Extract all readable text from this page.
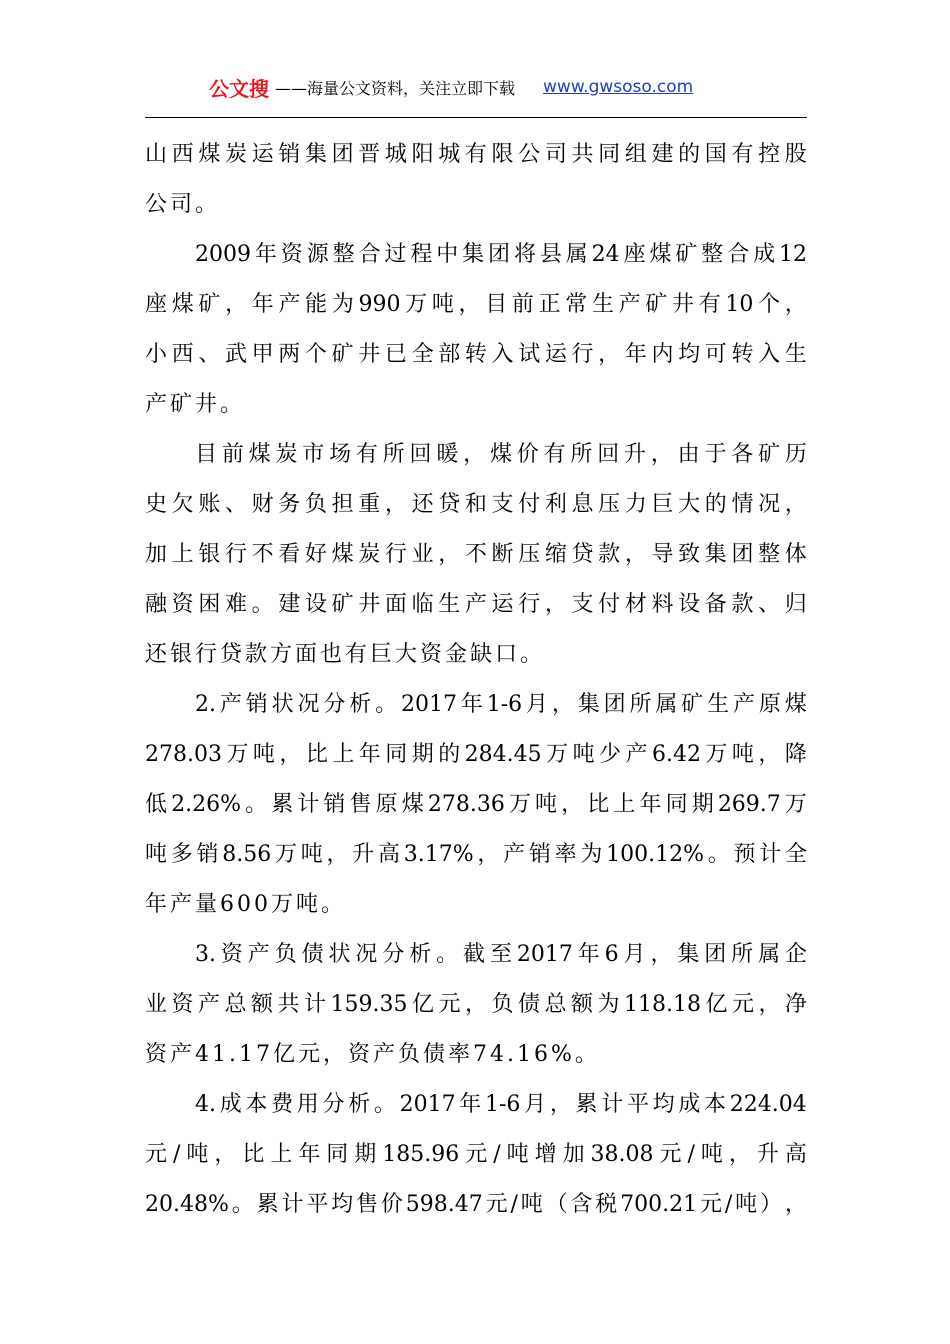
公文搜 ——海量公文资料，关注立即下载 www.gwsoso.com
山 西 煤 炭 运 销 集 团 晋 城 阳 城 有 限 公 司 共 同 组 建 的 国 有 控 股
公司。
2009 年 资 源 整 合 过 程 中 集 团 将 县 属 24 座 煤 矿 整 合 成 12
座 煤 矿 ， 年 产 能 为 990 万 吨 ， 目 前 正 常 生 产 矿 井 有 10 个 ，
小 西 、 武 甲 两 个 矿 井 已 全 部 转 入 试 运 行 ， 年 内 均 可 转 入 生
产矿井。
目 前 煤 炭 市 场 有 所 回 暖 ， 煤 价 有 所 回 升 ， 由 于 各 矿 历
史 欠 账 、 财 务 负 担 重 ， 还 贷 和 支 付 利 息 压 力 巨 大 的 情 况 ，
加 上 银 行 不 看 好 煤 炭 行 业 ， 不 断 压 缩 贷 款 ， 导 致 集 团 整 体
融 资 困 难 。 建 设 矿 井 面 临 生 产 运 行 ， 支 付 材 料 设 备 款 、 归
还银行贷款方面也有巨大资金缺口。
2. 产 销 状 况 分 析 。 2017 年 1-6 月 ， 集 团 所 属 矿 生 产 原 煤
278.03 万 吨 ， 比 上 年 同 期 的 284.45 万 吨 少 产 6.42 万 吨 ， 降
低 2.26% 。 累 计 销 售 原 煤 278.36 万 吨 ， 比 上 年 同 期 269.7 万
吨 多 销 8.56 万 吨 ， 升 高 3.17% ， 产 销 率 为 100.12% 。 预 计 全
年产量600万吨。
3. 资 产 负 债 状 况 分 析 。 截 至 2017 年 6 月 ， 集 团 所 属 企
业 资 产 总 额 共 计 159.35 亿 元 ， 负 债 总 额 为 118.18 亿 元 ， 净
资产41.17亿元，资产负债率74.16%。
4. 成 本 费 用 分 析 。 2017 年 1-6 月 ， 累 计 平 均 成 本 224.04
元 / 吨 ， 比 上 年 同 期 185.96 元 / 吨 增 加 38.08 元 / 吨 ， 升 高
20.48% 。 累 计 平 均 售 价 598.47 元 / 吨 （ 含 税 700.21 元 / 吨 ） ，
